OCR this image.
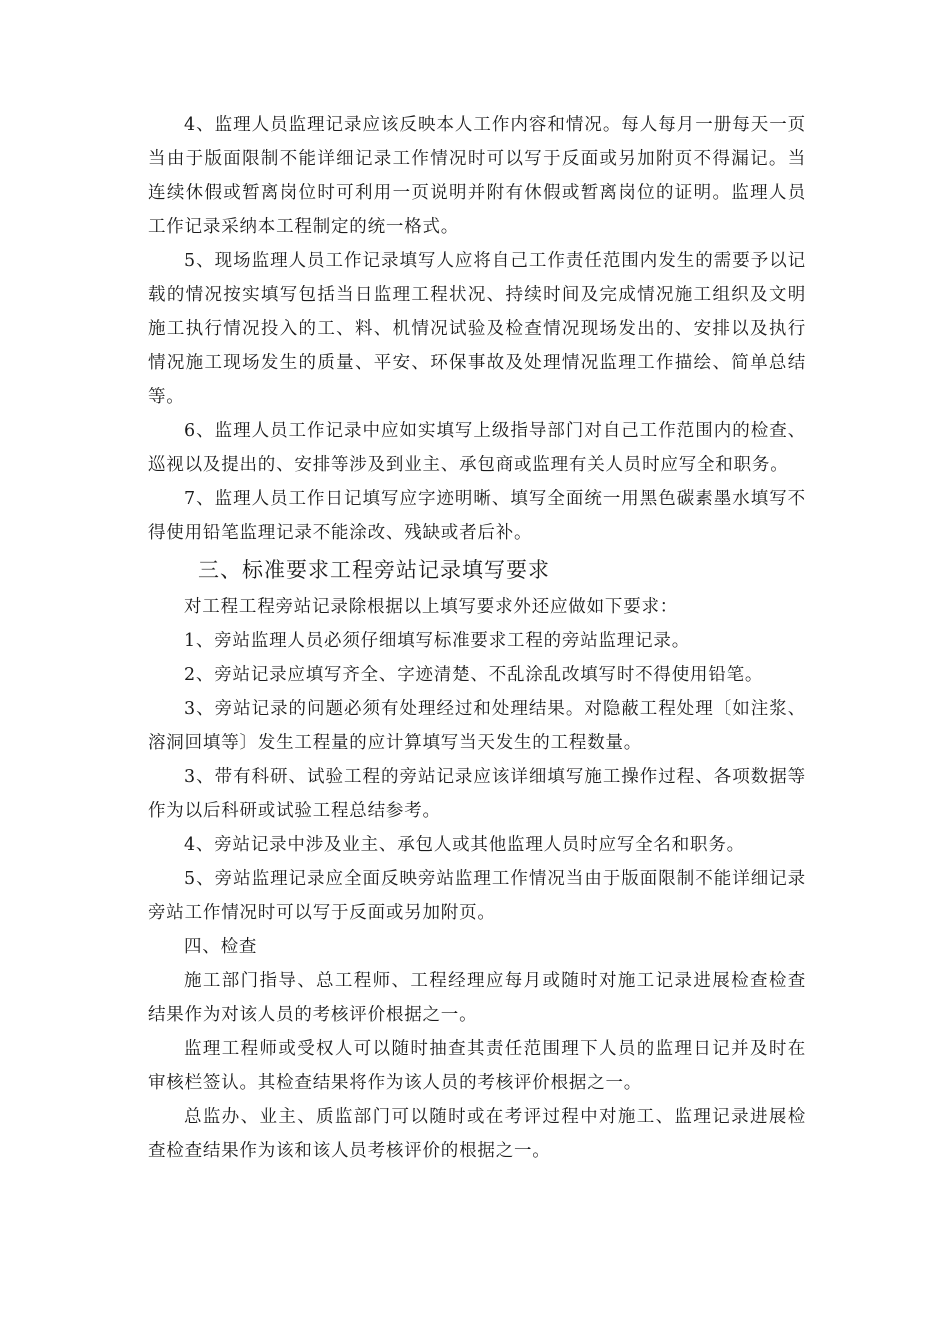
4、监理人员监理记录应该反映本人工作内容和情况。每人每月一册每天一页当由于版面限制不能详细记录工作情况时可以写于反面或另加附页不得漏记。当连续休假或暂离岗位时可利用一页说明并附有休假或暂离岗位的证明。监理人员工作记录采纳本工程制定的统一格式。

5、现场监理人员工作记录填写人应将自己工作责任范围内发生的需要予以记载的情况按实填写包括当日监理工程状况、持续时间及完成情况施工组织及文明施工执行情况投入的工、料、机情况试验及检查情况现场发出的、安排以及执行情况施工现场发生的质量、平安、环保事故及处理情况监理工作描绘、简单总结等。

6、监理人员工作记录中应如实填写上级指导部门对自己工作范围内的检查、巡视以及提出的、安排等涉及到业主、承包商或监理有关人员时应写全和职务。

7、监理人员工作日记填写应字迹明晰、填写全面统一用黑色碳素墨水填写不得使用铅笔监理记录不能涂改、残缺或者后补。

三、标准要求工程旁站记录填写要求

对工程工程旁站记录除根据以上填写要求外还应做如下要求：

1、旁站监理人员必须仔细填写标准要求工程的旁站监理记录。

2、旁站记录应填写齐全、字迹清楚、不乱涂乱改填写时不得使用铅笔。

3、旁站记录的问题必须有处理经过和处理结果。对隐蔽工程处理〔如注浆、溶洞回填等〕发生工程量的应计算填写当天发生的工程数量。

3、带有科研、试验工程的旁站记录应该详细填写施工操作过程、各项数据等作为以后科研或试验工程总结参考。

4、旁站记录中涉及业主、承包人或其他监理人员时应写全名和职务。

5、旁站监理记录应全面反映旁站监理工作情况当由于版面限制不能详细记录旁站工作情况时可以写于反面或另加附页。

四、检查

施工部门指导、总工程师、工程经理应每月或随时对施工记录进展检查检查结果作为对该人员的考核评价根据之一。

监理工程师或受权人可以随时抽查其责任范围理下人员的监理日记并及时在审核栏签认。其检查结果将作为该人员的考核评价根据之一。

总监办、业主、质监部门可以随时或在考评过程中对施工、监理记录进展检查检查结果作为该和该人员考核评价的根据之一。
